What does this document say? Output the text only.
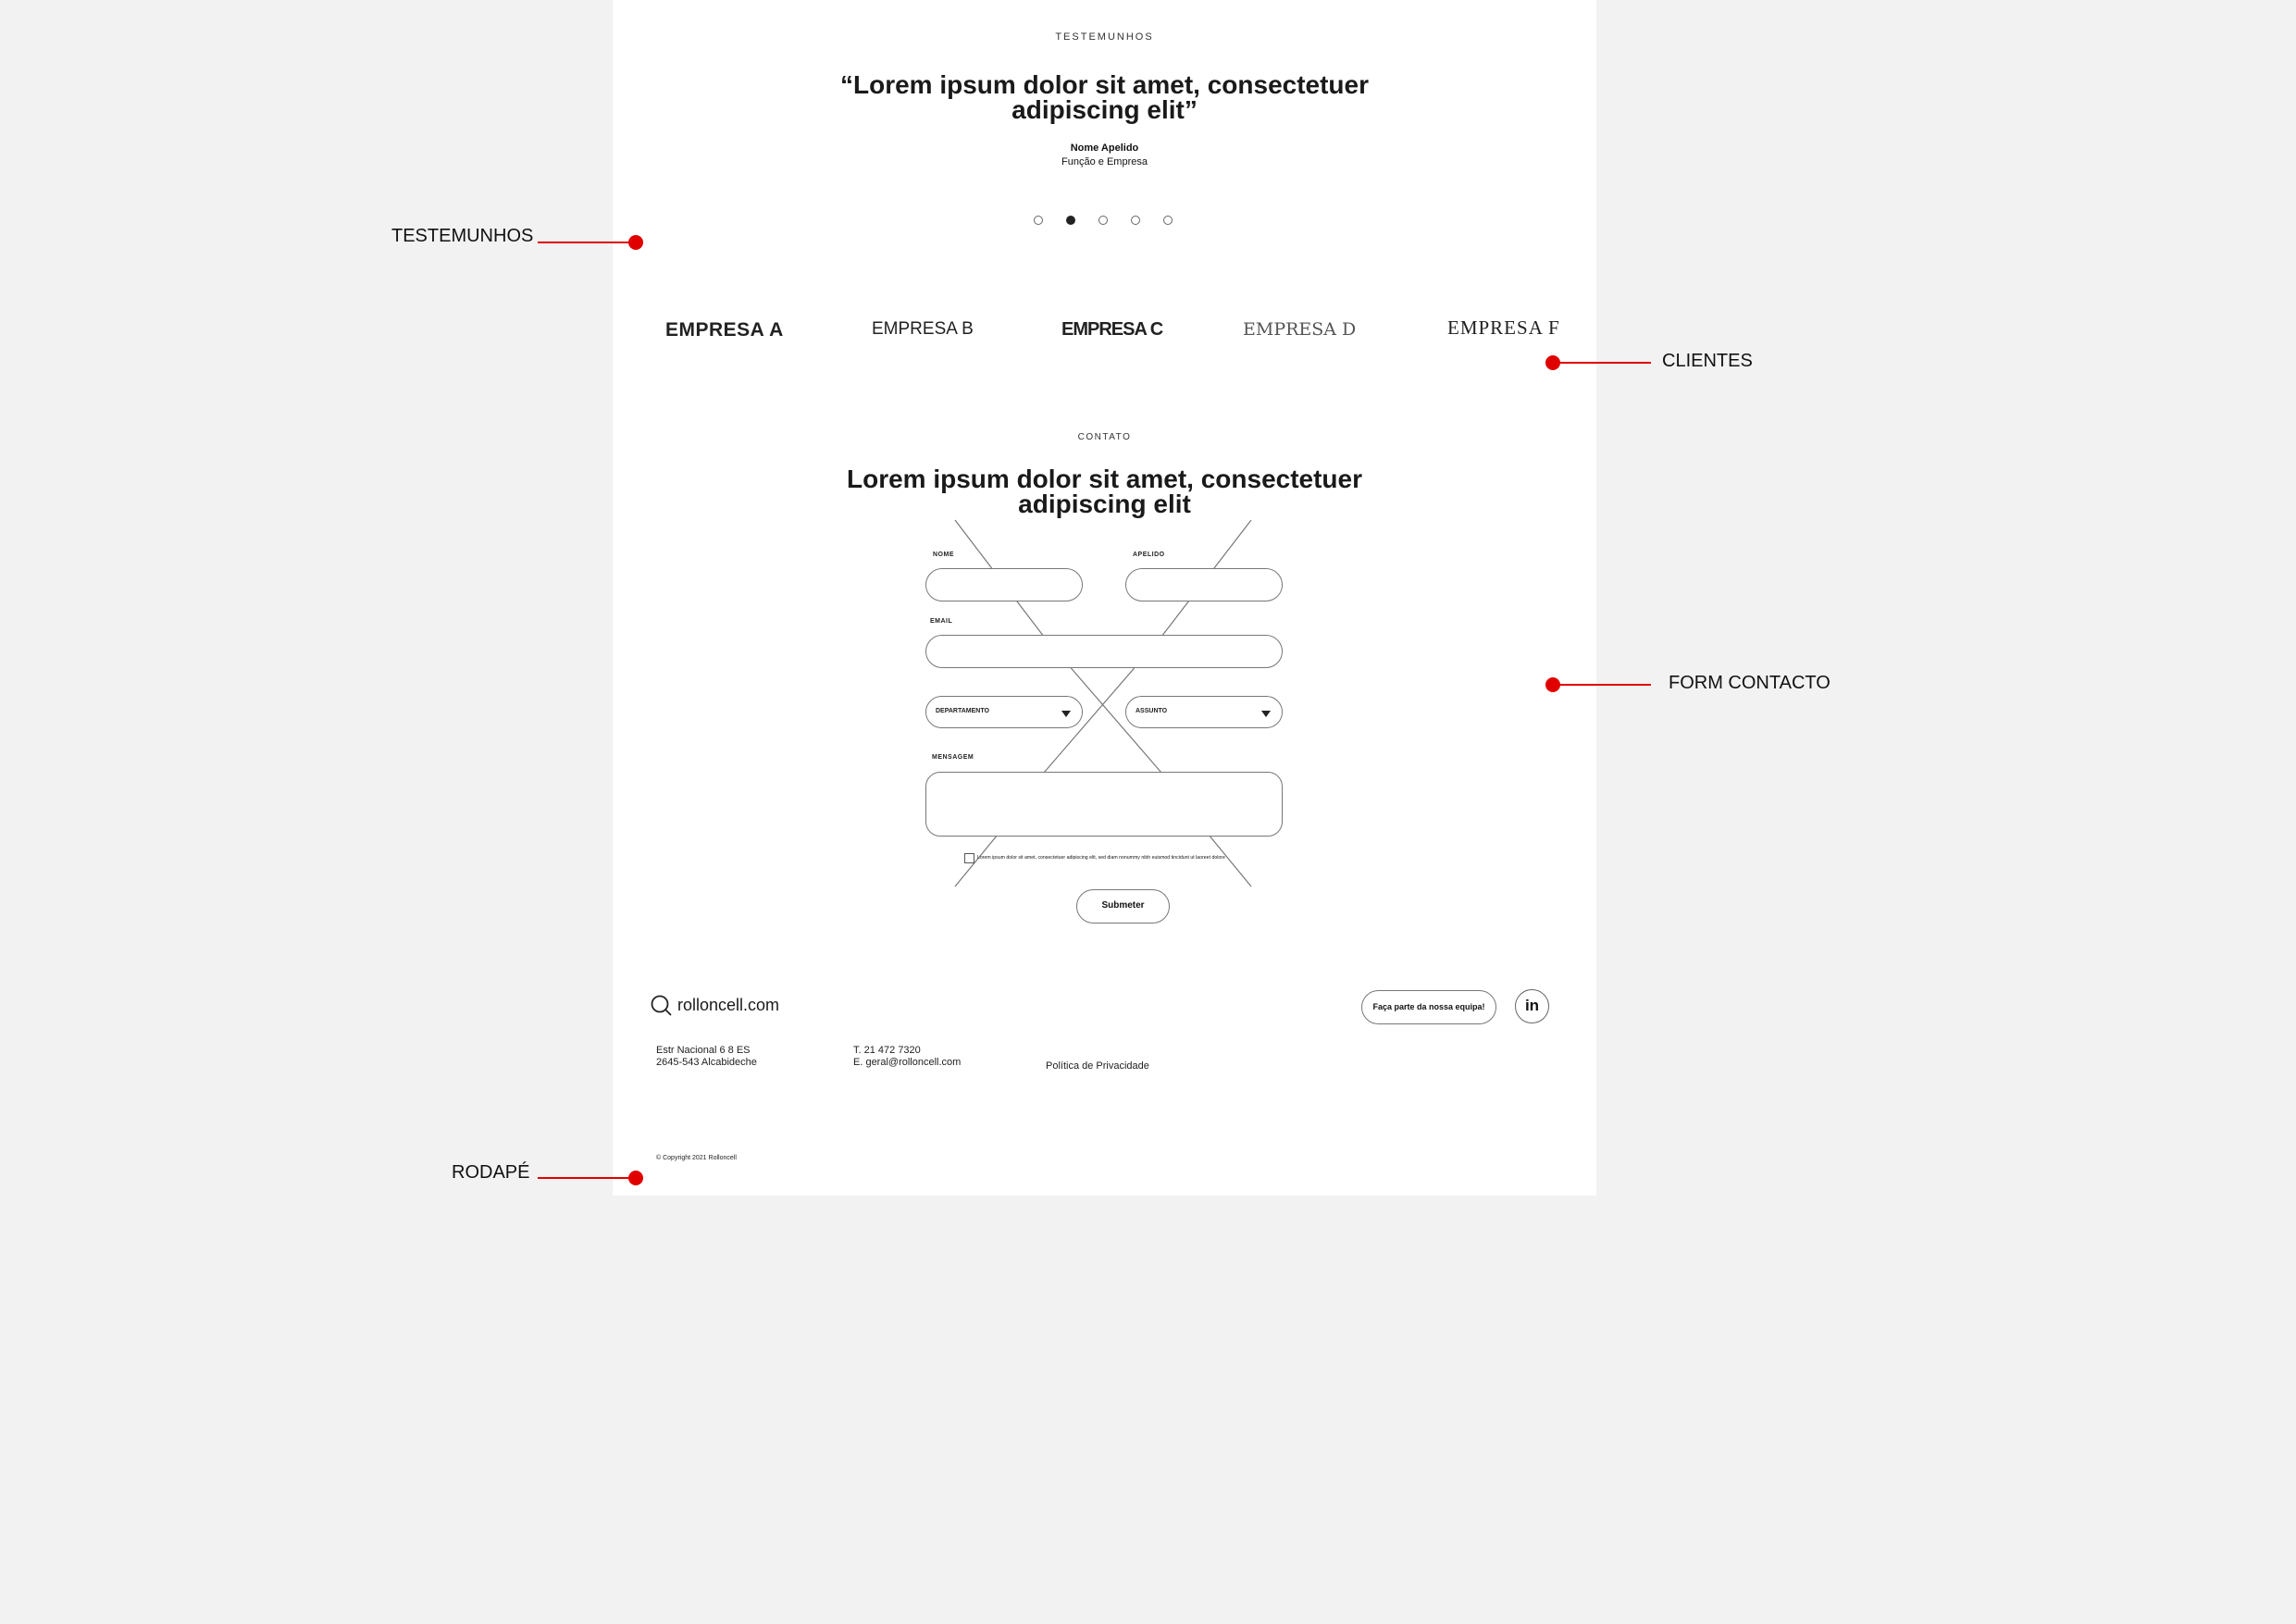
TESTEMUNHOS
“Lorem ipsum dolor sit amet, consectetuer adipiscing elit”
Nome Apelido
Função e Empresa
EMPRESA A	EMPRESA B	EMPRESA C	EMPRESA D	EMPRESA F
CONTATO
Lorem ipsum dolor sit amet, consectetuer adipiscing elit
NOME	APELIDO
EMAIL
DEPARTAMENTO	ASSUNTO
MENSAGEM
Lorem ipsum dolor sit amet, consectetuer adipiscing elit, sed diam nonummy nibh euismod tincidunt ut laoreet dolore
Submeter
rolloncell.com	Faça parte da nossa equipa!	in
Estr Nacional 6 8 ES
2645-543 Alcabideche
T. 21 472 7320
E. geral@rolloncell.com	Política de Privacidade
© Copyright 2021 Rolloncell
TESTEMUNHOS
CLIENTES
FORM CONTACTO
RODAPÉ
